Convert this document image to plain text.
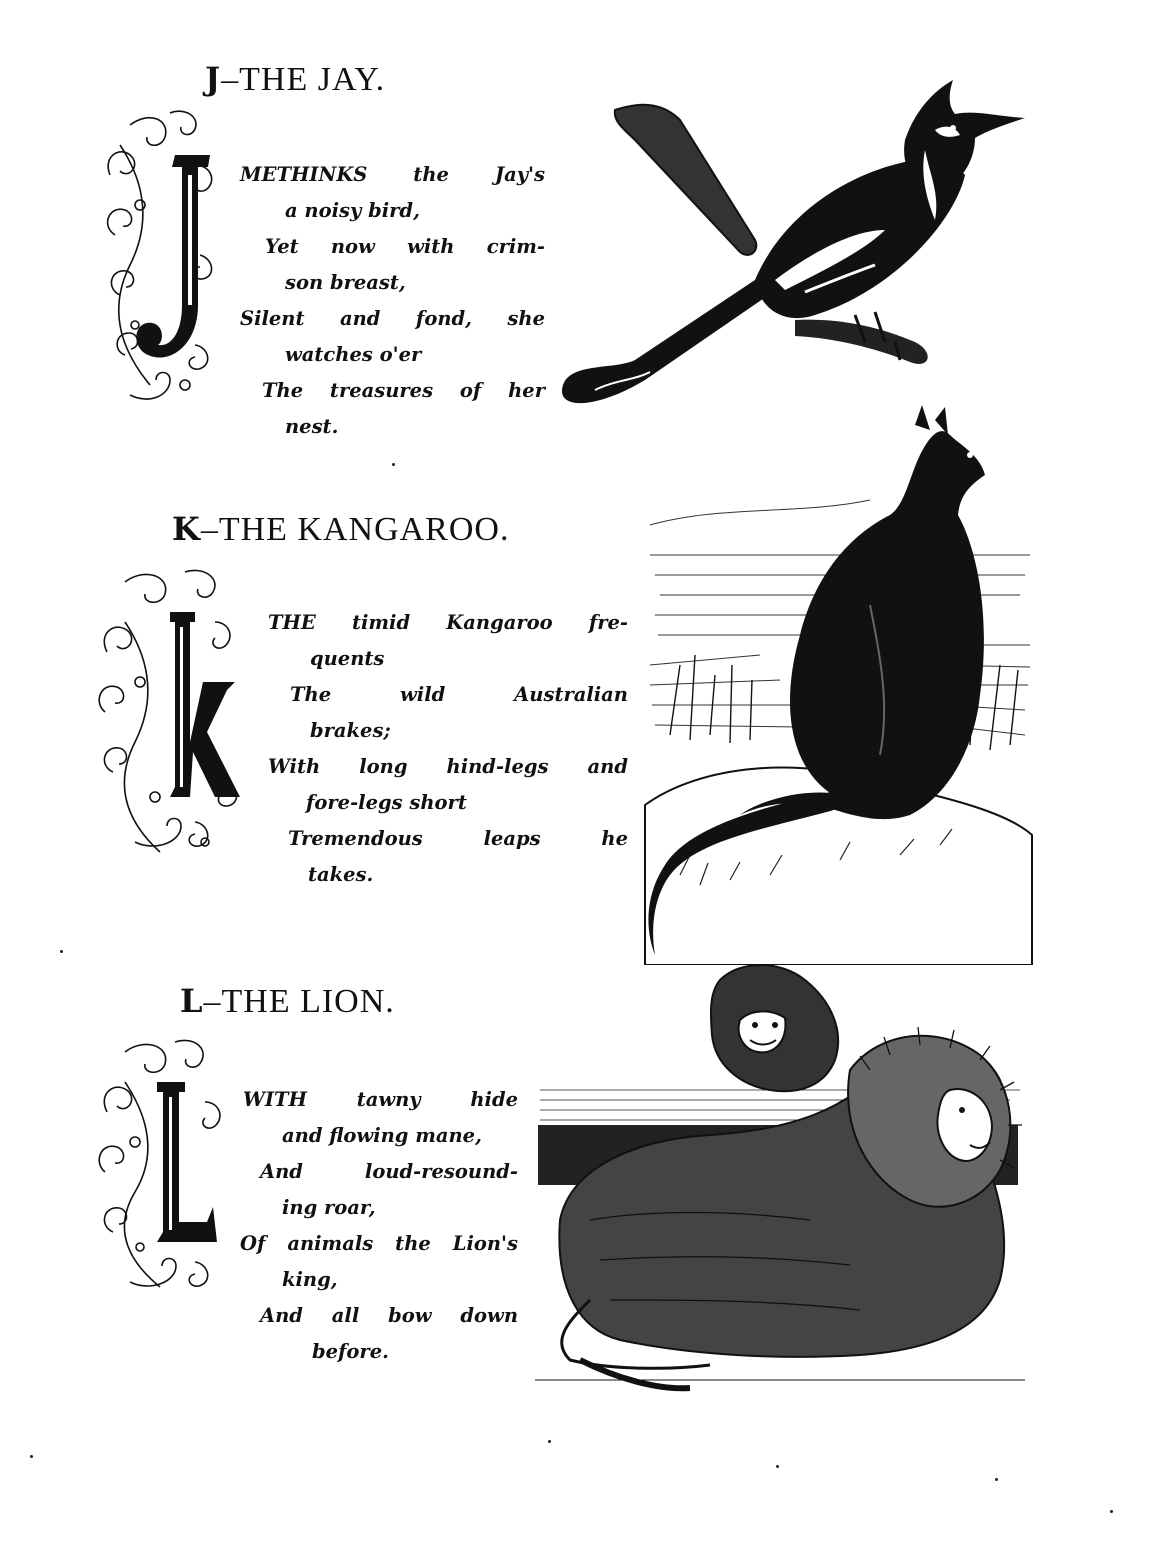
J–THE JAY.
METHINKS the Jay's
a noisy bird,
Yet now with crim-
son breast,
Silent and fond, she
watches o'er
The treasures of her
nest.
K–THE KANGAROO.
THE timid Kangaroo fre-
quents
The wild Australian
brakes;
With long hind-legs and
fore-legs short
Tremendous leaps he
takes.
L–THE LION.
WITH tawny hide
and flowing mane,
And loud-resound-
ing roar,
Of animals the Lion's
king,
And all bow down
before.
